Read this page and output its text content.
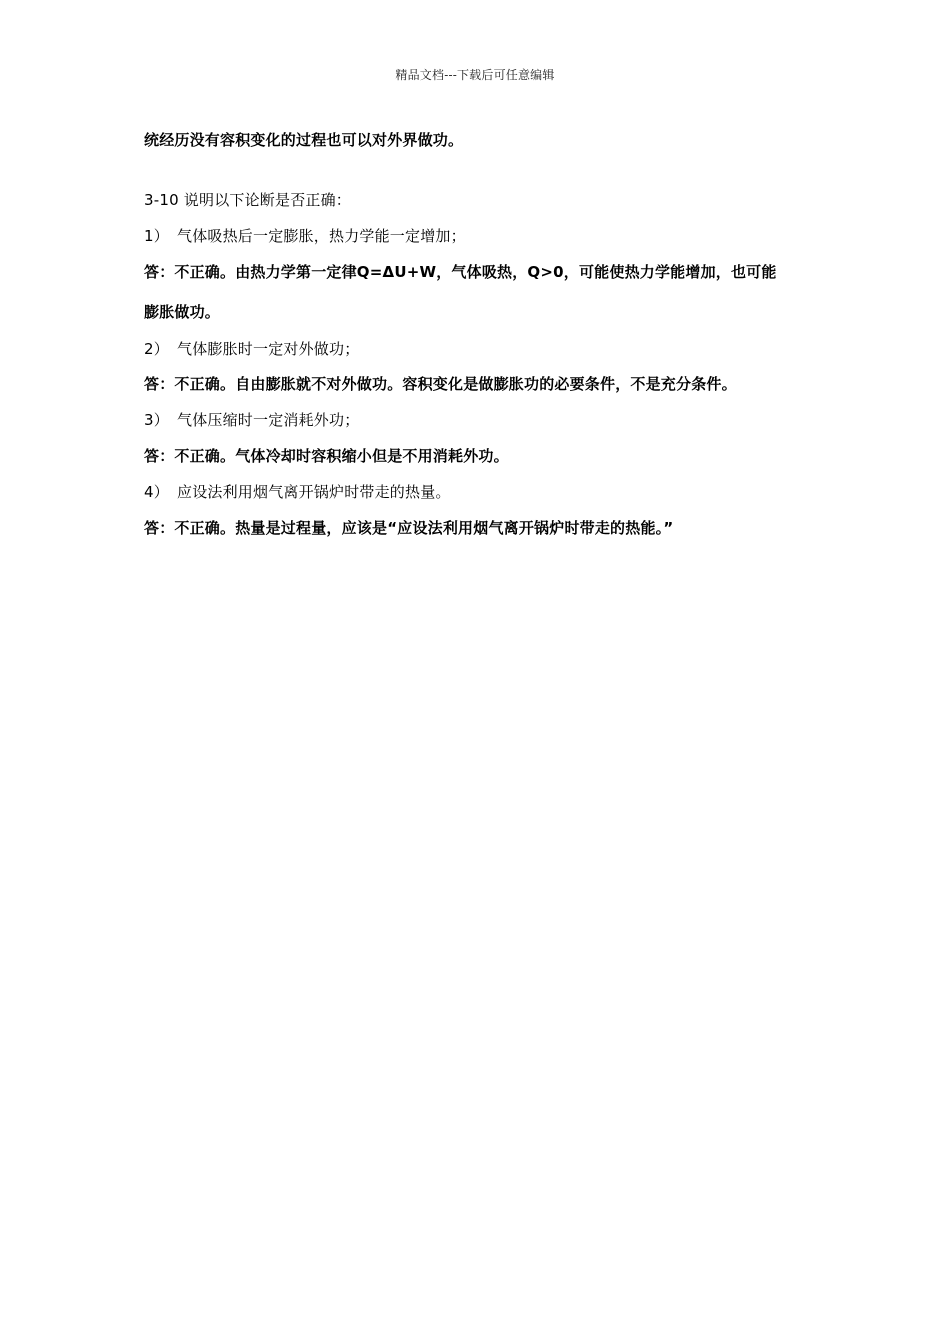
精品文档---下载后可任意编辑
统经历没有容积变化的过程也可以对外界做功。
3-10 说明以下论断是否正确：
1） 气体吸热后一定膨胀，热力学能一定增加；
答：不正确。由热力学第一定律Q=ΔU+W，气体吸热，Q>0，可能使热力学能增加，也可能
膨胀做功。
2） 气体膨胀时一定对外做功；
答：不正确。自由膨胀就不对外做功。容积变化是做膨胀功的必要条件，不是充分条件。
3） 气体压缩时一定消耗外功；
答：不正确。气体冷却时容积缩小但是不用消耗外功。
4） 应设法利用烟气离开锅炉时带走的热量。
答：不正确。热量是过程量，应该是“应设法利用烟气离开锅炉时带走的热能。”
